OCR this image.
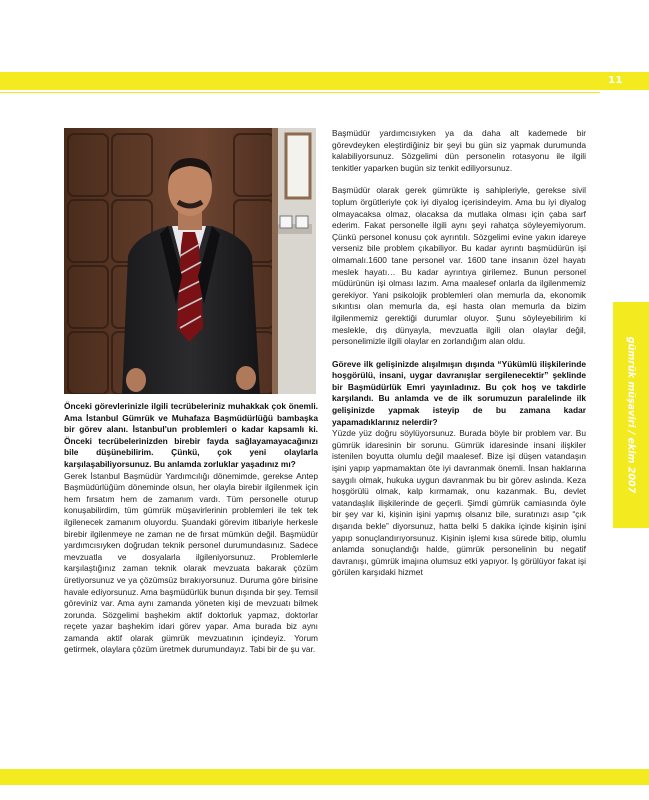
11
gümrük müşaviri / ekim 2007

Önceki görevlerinizle ilgili tecrübeleriniz muhakkak çok önemli. Ama İstanbul Gümrük ve Muhafaza Başmüdürlüğü bambaşka bir görev alanı. İstanbul'un problemleri o kadar kapsamlı ki. Önceki tecrübelerinizden birebir fayda sağlayamayacağınızı bile düşünebilirim. Çünkü, çok yeni olaylarla karşılaşabiliyorsunuz. Bu anlamda zorluklar yaşadınız mı?

Gerek İstanbul Başmüdür Yardımcılığı dönemimde, gerekse Antep Başmüdürlüğüm döneminde olsun, her olayla birebir ilgilenmek için hem fırsatım hem de zamanım vardı. Tüm personelle oturup konuşabilirdim, tüm gümrük müşavirlerinin problemleri ile tek tek ilgilenecek zamanım oluyordu. Şuandaki görevim itibariyle herkesle birebir ilgilenmeye ne zaman ne de fırsat mümkün değil. Başmüdür yardımcısıyken doğrudan teknik personel durumundasınız. Sadece mevzuatla ve dosyalarla ilgileniyorsunuz. Problemlerle karşılaştığınız zaman teknik olarak mevzuata bakarak çözüm üretiyorsunuz ve ya çözümsüz bırakıyorsunuz. Duruma göre birisine havale ediyorsunuz. Ama başmüdürlük bunun dışında bir şey. Temsil göreviniz var. Ama aynı zamanda yöneten kişi de mevzuatı bilmek zorunda. Sözgelimi başhekim aktif doktorluk yapmaz, doktorlar reçete yazar başhekim idari görev yapar. Ama burada biz aynı zamanda aktif olarak gümrük mevzuatının içindeyiz. Yorum getirmek, olaylara çözüm üretmek durumundayız. Tabi bir de şu var.

Başmüdür yardımcısıyken ya da daha alt kademede bir görevdeyken eleştirdiğiniz bir şeyi bu gün siz yapmak durumunda kalabiliyorsunuz. Sözgelimi dün personelin rotasyonu ile ilgili tenkitler yaparken bugün siz tenkit ediliyorsunuz.

Başmüdür olarak gerek gümrükte iş sahipleriyle, gerekse sivil toplum örgütleriyle çok iyi diyalog içerisindeyim. Ama bu iyi diyalog olmayacaksa olmaz, olacaksa da mutlaka olması için çaba sarf ederim. Fakat personelle ilgili aynı şeyi rahatça söyleyemiyorum. Çünkü personel konusu çok ayrıntılı. Sözgelimi evine yakın idareye verseniz bile problem çıkabiliyor. Bu kadar ayrıntı başmüdürün işi olmamalı.1600 tane personel var. 1600 tane insanın özel hayatı meslek hayatı… Bu kadar ayrıntıya girilemez. Bunun personel müdürünün işi olması lazım. Ama maalesef onlarla da ilgilenmemiz gerekiyor. Yani psikolojik problemleri olan memurla da, ekonomik sıkıntısı olan memurla da, eşi hasta olan memurla da bizim ilgilenmemiz gerektiği durumlar oluyor. Şunu söyleyebilirim ki meslekle, dış dünyayla, mevzuatla ilgili olan olaylar değil, personelimizle ilgili olaylar en zorlandığım alan oldu.

Göreve ilk gelişinizde alışılmışın dışında “Yükümlü ilişkilerinde hoşgörülü, insani, uygar davranışlar sergilenecektir” şeklinde bir Başmüdürlük Emri yayınladınız. Bu çok hoş ve takdirle karşılandı. Bu anlamda ve de ilk sorumuzun paralelinde ilk gelişinizde yapmak isteyip de bu zamana kadar yapamadıklarınız nelerdir?

Yüzde yüz doğru söylüyorsunuz. Burada böyle bir problem var. Bu gümrük idaresinin bir sorunu. Gümrük idaresinde insani ilişkiler istenilen boyutta olumlu değil maalesef. Bize işi düşen vatandaşın işini yapıp yapmamaktan öte iyi davranmak önemli. İnsan haklarına saygılı olmak, hukuka uygun davranmak bu bir görev aslında. Keza hoşgörülü olmak, kalp kırmamak, onu kazanmak. Bu, devlet vatandaşlık ilişkilerinde de geçerli. Şimdi gümrük camiasında öyle bir şey var ki, kişinin işini yapmış olsanız bile, suratınızı asıp “çık dışarıda bekle” diyorsunuz, hatta belki 5 dakika içinde kişinin işini yapıp sonuçlandırıyorsunuz. Kişinin işlemi kısa sürede bitip, olumlu anlamda sonuçlandığı halde, gümrük personelinin bu negatif davranışı, gümrük imajına olumsuz etki yapıyor. İş görülüyor fakat işi görülen karşıdaki hizmet
